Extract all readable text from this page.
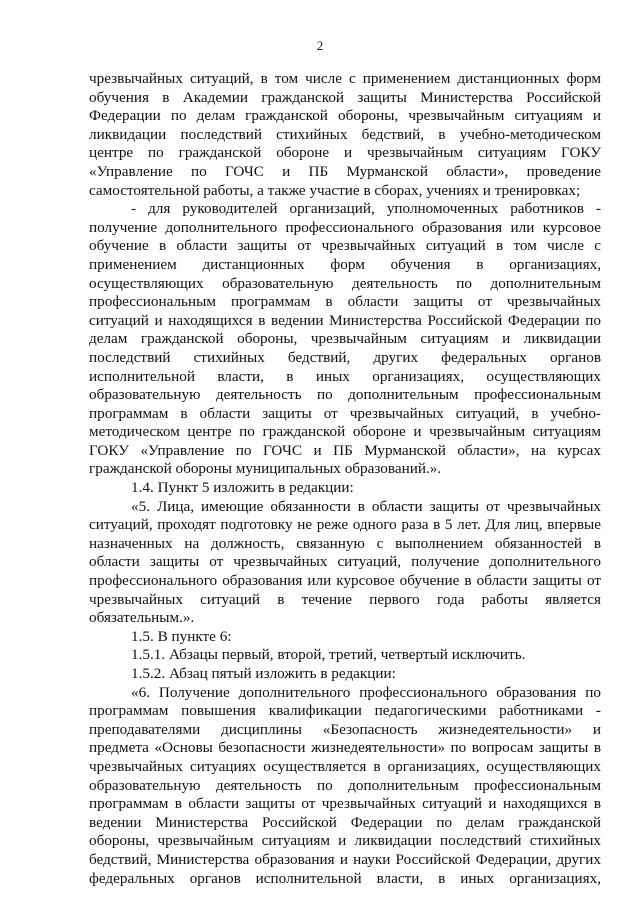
2
чрезвычайных ситуаций, в том числе с применением дистанционных форм
обучения в Академии гражданской защиты Министерства Российской
Федерации по делам гражданской обороны, чрезвычайным ситуациям и
ликвидации последствий стихийных бедствий, в учебно-методическом
центре по гражданской обороне и чрезвычайным ситуациям ГОКУ
«Управление по ГОЧС и ПБ Мурманской области», проведение
самостоятельной работы, а также участие в сборах, учениях и тренировках;
- для руководителей организаций, уполномоченных работников -
получение дополнительного профессионального образования или курсовое
обучение в области защиты от чрезвычайных ситуаций в том числе с
применением дистанционных форм обучения в организациях,
осуществляющих образовательную деятельность по дополнительным
профессиональным программам в области защиты от чрезвычайных
ситуаций и находящихся в ведении Министерства Российской Федерации по
делам гражданской обороны, чрезвычайным ситуациям и ликвидации
последствий стихийных бедствий, других федеральных органов
исполнительной власти, в иных организациях, осуществляющих
образовательную деятельность по дополнительным профессиональным
программам в области защиты от чрезвычайных ситуаций, в учебно-
методическом центре по гражданской обороне и чрезвычайным ситуациям
ГОКУ «Управление по ГОЧС и ПБ Мурманской области», на курсах
гражданской обороны муниципальных образований.».
1.4. Пункт 5 изложить в редакции:
«5. Лица, имеющие обязанности в области защиты от чрезвычайных
ситуаций, проходят подготовку не реже одного раза в 5 лет. Для лиц, впервые
назначенных на должность, связанную с выполнением обязанностей в
области защиты от чрезвычайных ситуаций, получение дополнительного
профессионального образования или курсовое обучение в области защиты от
чрезвычайных ситуаций в течение первого года работы является
обязательным.».
1.5. В пункте 6:
1.5.1. Абзацы первый, второй, третий, четвертый исключить.
1.5.2. Абзац пятый изложить в редакции:
«6. Получение дополнительного профессионального образования по
программам повышения квалификации педагогическими работниками -
преподавателями дисциплины «Безопасность жизнедеятельности» и
предмета «Основы безопасности жизнедеятельности» по вопросам защиты в
чрезвычайных ситуациях осуществляется в организациях, осуществляющих
образовательную деятельность по дополнительным профессиональным
программам в области защиты от чрезвычайных ситуаций и находящихся в
ведении Министерства Российской Федерации по делам гражданской
обороны, чрезвычайным ситуациям и ликвидации последствий стихийных
бедствий, Министерства образования и науки Российской Федерации, других
федеральных органов исполнительной власти, в иных организациях,
